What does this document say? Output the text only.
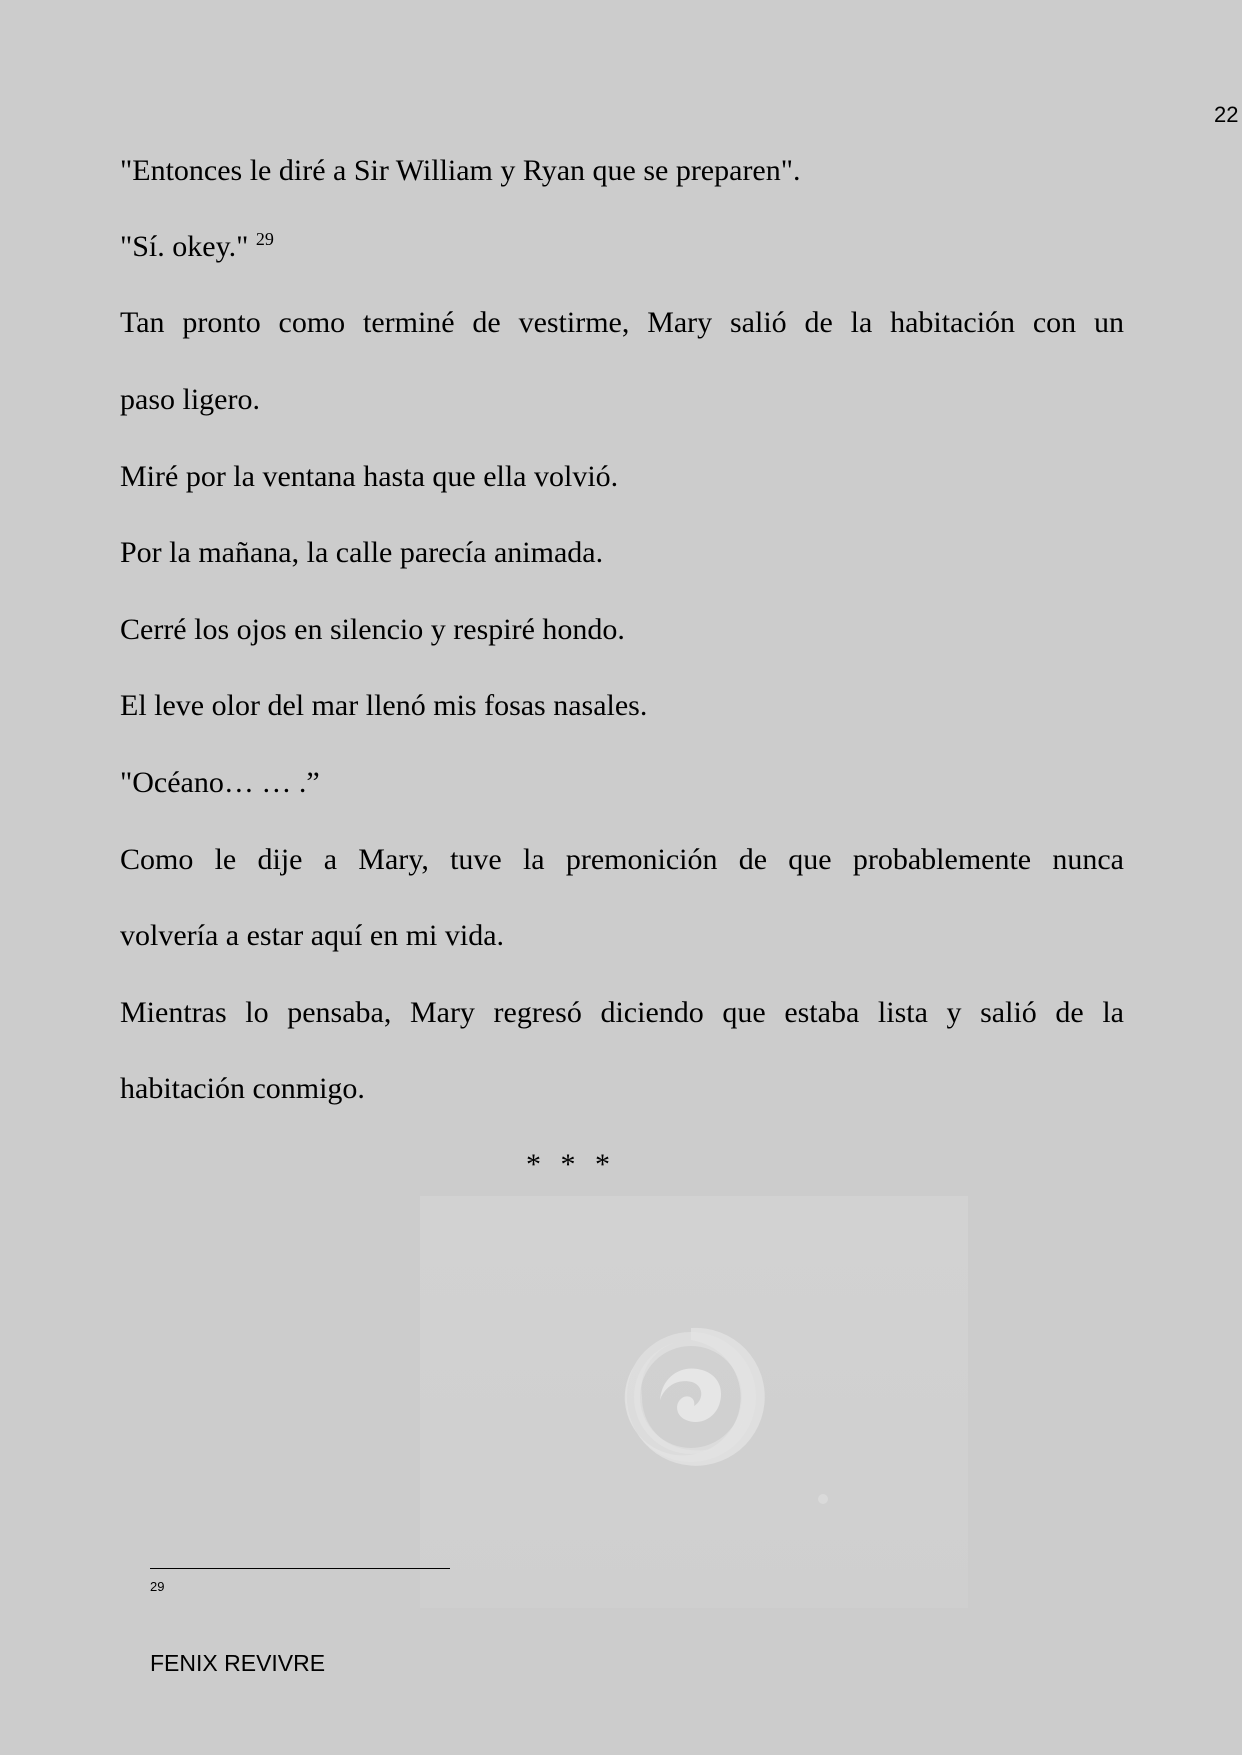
22

"Entonces le diré a Sir William y Ryan que se preparen".

"Sí. okey." $^{29}$

Tan pronto como terminé de vestirme, Mary salió de la habitación con un

paso ligero.

Miré por la ventana hasta que ella volvió.

Por la mañana, la calle parecía animada.

Cerré los ojos en silencio y respiré hondo.

El leve olor del mar llenó mis fosas nasales.

"Océano… … .”

Como le dije a Mary, tuve la premonición de que probablemente nunca

volvería a estar aquí en mi vida.

Mientras lo pensaba, Mary regresó diciendo que estaba lista y salió de la

habitación conmigo.

* * *
29
FENIX REVIVRE
